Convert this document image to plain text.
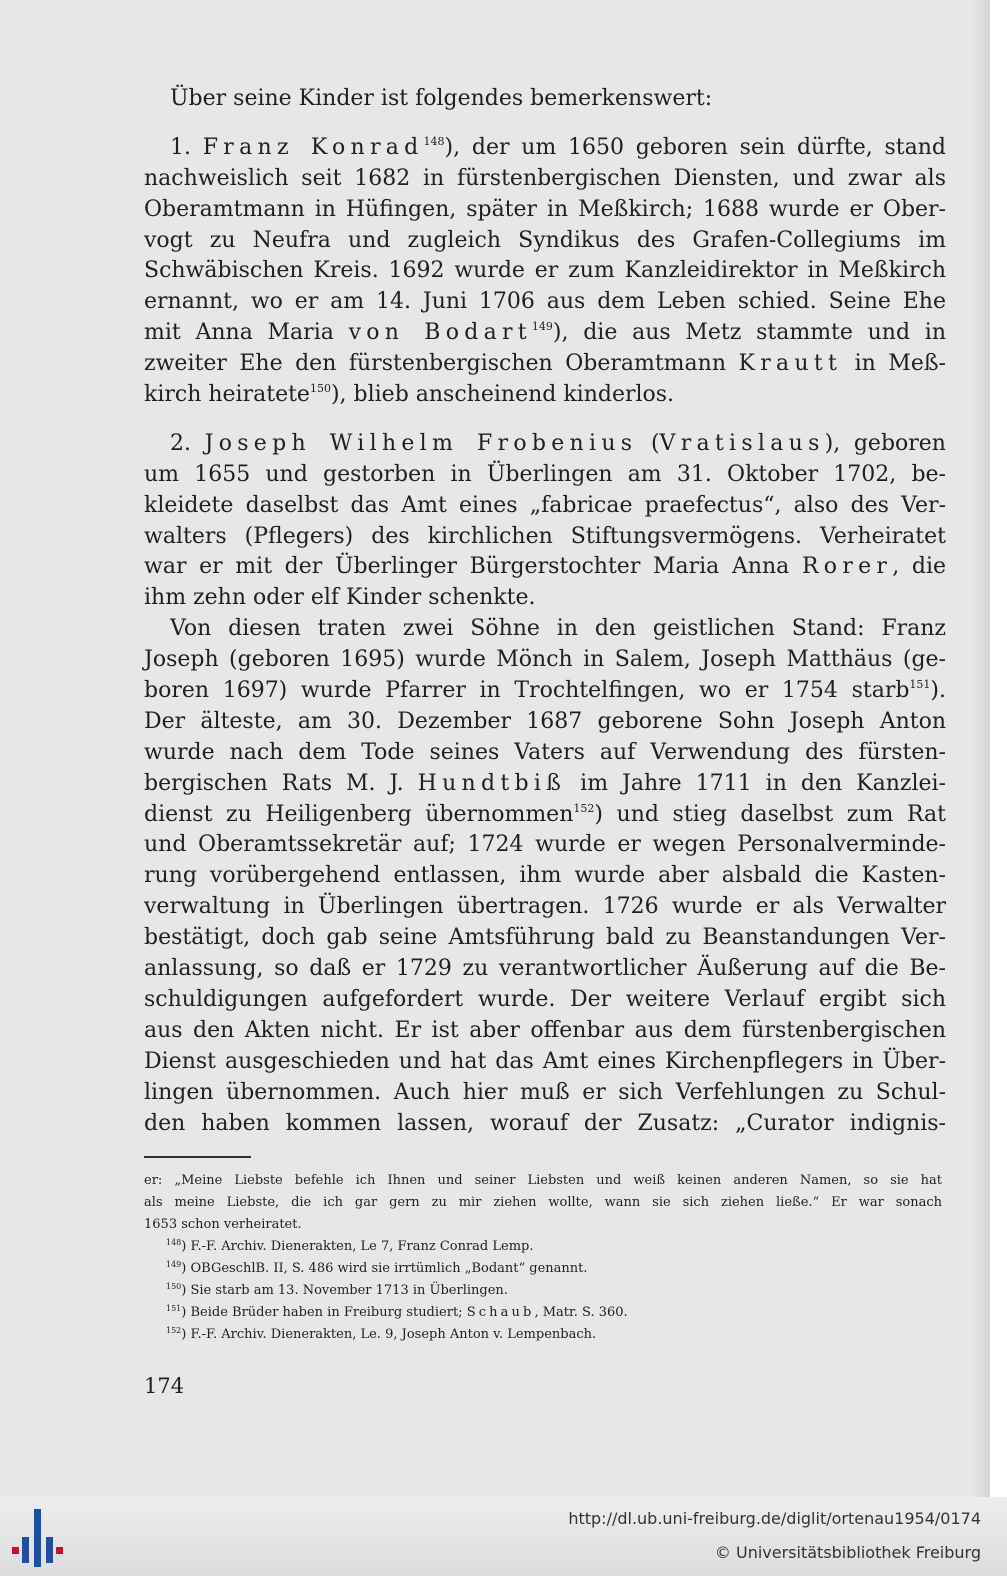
Über seine Kinder ist folgendes bemerkenswert:
1. Franz Konrad$^{148}$), der um 1650 geboren sein dürfte, stand
nachweislich seit 1682 in fürstenbergischen Diensten, und zwar als
Oberamtmann in Hüfingen, später in Meßkirch; 1688 wurde er Ober-
vogt zu Neufra und zugleich Syndikus des Grafen-Collegiums im
Schwäbischen Kreis. 1692 wurde er zum Kanzleidirektor in Meßkirch
ernannt, wo er am 14. Juni 1706 aus dem Leben schied. Seine Ehe
mit Anna Maria von Bodart$^{149}$), die aus Metz stammte und in
zweiter Ehe den fürstenbergischen Oberamtmann Krautt in Meß-
kirch heiratete$^{150}$), blieb anscheinend kinderlos.
2. Joseph Wilhelm Frobenius (Vratislaus), geboren
um 1655 und gestorben in Überlingen am 31. Oktober 1702, be-
kleidete daselbst das Amt eines „fabricae praefectus“, also des Ver-
walters (Pflegers) des kirchlichen Stiftungsvermögens. Verheiratet
war er mit der Überlinger Bürgerstochter Maria Anna Rorer, die
ihm zehn oder elf Kinder schenkte.
Von diesen traten zwei Söhne in den geistlichen Stand: Franz
Joseph (geboren 1695) wurde Mönch in Salem, Joseph Matthäus (ge-
boren 1697) wurde Pfarrer in Trochtelfingen, wo er 1754 starb$^{151}$).
Der älteste, am 30. Dezember 1687 geborene Sohn Joseph Anton
wurde nach dem Tode seines Vaters auf Verwendung des fürsten-
bergischen Rats M. J. Hundtbiß im Jahre 1711 in den Kanzlei-
dienst zu Heiligenberg übernommen$^{152}$) und stieg daselbst zum Rat
und Oberamtssekretär auf; 1724 wurde er wegen Personalverminde-
rung vorübergehend entlassen, ihm wurde aber alsbald die Kasten-
verwaltung in Überlingen übertragen. 1726 wurde er als Verwalter
bestätigt, doch gab seine Amtsführung bald zu Beanstandungen Ver-
anlassung, so daß er 1729 zu verantwortlicher Äußerung auf die Be-
schuldigungen aufgefordert wurde. Der weitere Verlauf ergibt sich
aus den Akten nicht. Er ist aber offenbar aus dem fürstenbergischen
Dienst ausgeschieden und hat das Amt eines Kirchenpflegers in Über-
lingen übernommen. Auch hier muß er sich Verfehlungen zu Schul-
den haben kommen lassen, worauf der Zusatz: „Curator indignis-
er: „Meine Liebste befehle ich Ihnen und seiner Liebsten und weiß keinen anderen Namen, so sie hat
als meine Liebste, die ich gar gern zu mir ziehen wollte, wann sie sich ziehen ließe.“ Er war sonach
1653 schon verheiratet.
$^{148}$) F.-F. Archiv. Dienerakten, Le 7, Franz Conrad Lemp.
$^{149}$) OBGeschlB. II, S. 486 wird sie irrtümlich „Bodant“ genannt.
$^{150}$) Sie starb am 13. November 1713 in Überlingen.
$^{151}$) Beide Brüder haben in Freiburg studiert; Schaub, Matr. S. 360.
$^{152}$) F.-F. Archiv. Dienerakten, Le. 9, Joseph Anton v. Lempenbach.
174
http://dl.ub.uni-freiburg.de/diglit/ortenau1954/0174
© Universitätsbibliothek Freiburg
